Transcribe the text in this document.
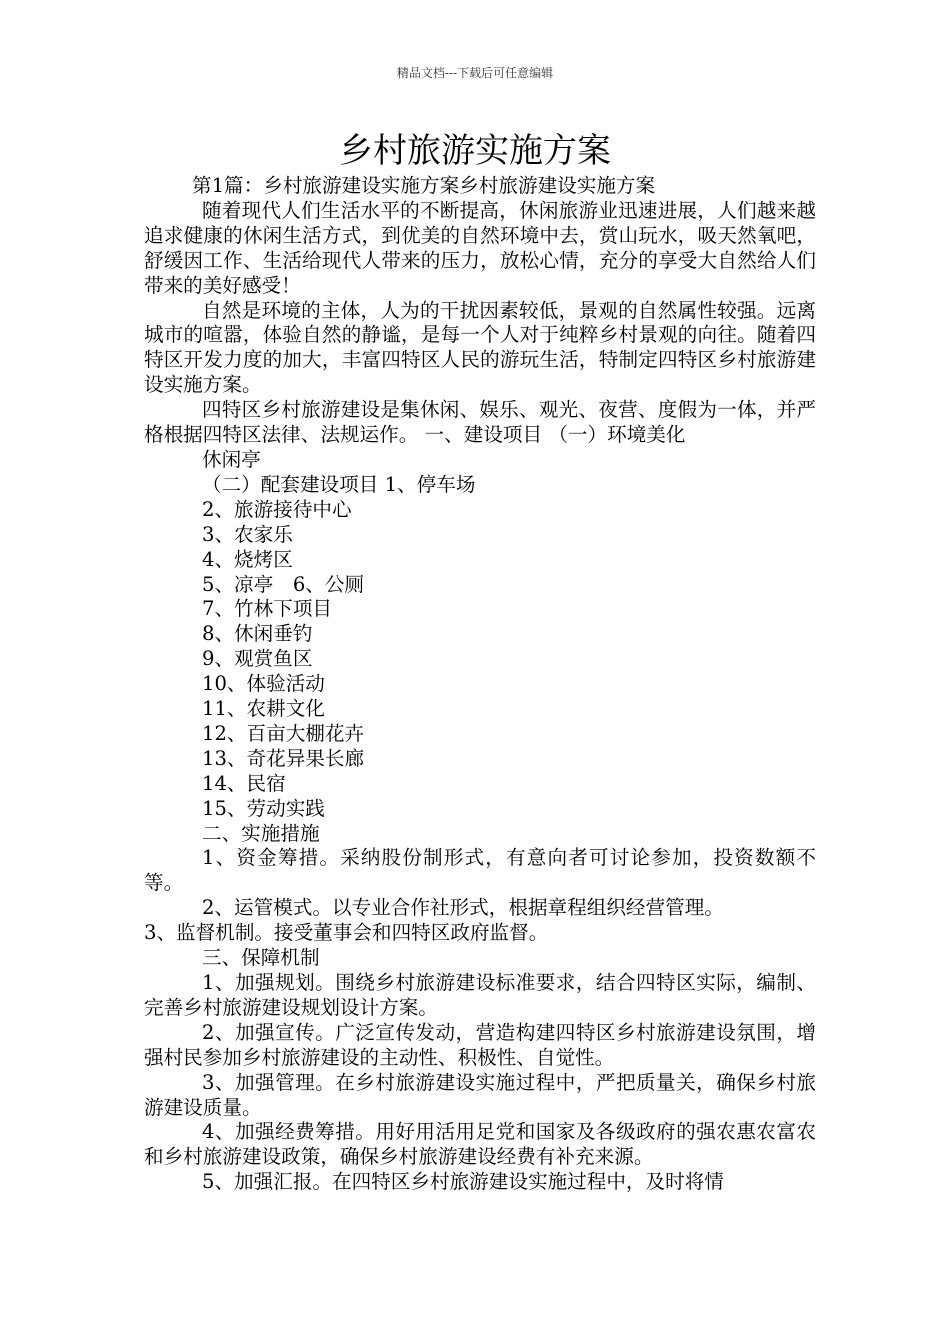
精品文档---下载后可任意编辑
乡村旅游实施方案

第1篇：乡村旅游建设实施方案乡村旅游建设实施方案

随着现代人们生活水平的不断提高，休闲旅游业迅速进展，人们越来越追求健康的休闲生活方式，到优美的自然环境中去，赏山玩水，吸天然氧吧，舒缓因工作、生活给现代人带来的压力，放松心情，充分的享受大自然给人们带来的美好感受！

自然是环境的主体，人为的干扰因素较低，景观的自然属性较强。远离城市的喧嚣，体验自然的静谧，是每一个人对于纯粹乡村景观的向往。随着四特区开发力度的加大，丰富四特区人民的游玩生活，特制定四特区乡村旅游建设实施方案。

四特区乡村旅游建设是集休闲、娱乐、观光、夜营、度假为一体，并严格根据四特区法律、法规运作。 一、建设项目 （一）环境美化

休闲亭

（二）配套建设项目 1、停车场

2、旅游接待中心

3、农家乐

4、烧烤区

5、凉亭　6、公厕

7、竹林下项目

8、休闲垂钓

9、观赏鱼区

10、体验活动

11、农耕文化

12、百亩大棚花卉

13、奇花异果长廊

14、民宿

15、劳动实践

二、实施措施

1、资金筹措。采纳股份制形式，有意向者可讨论参加，投资数额不等。

2、运管模式。以专业合作社形式，根据章程组织经营管理。

3、监督机制。接受董事会和四特区政府监督。

三、保障机制

1、加强规划。围绕乡村旅游建设标准要求，结合四特区实际，编制、完善乡村旅游建设规划设计方案。

2、加强宣传。广泛宣传发动，营造构建四特区乡村旅游建设氛围，增强村民参加乡村旅游建设的主动性、积极性、自觉性。

3、加强管理。在乡村旅游建设实施过程中，严把质量关，确保乡村旅游建设质量。

4、加强经费筹措。用好用活用足党和国家及各级政府的强农惠农富农和乡村旅游建设政策，确保乡村旅游建设经费有补充来源。

5、加强汇报。在四特区乡村旅游建设实施过程中，及时将情
